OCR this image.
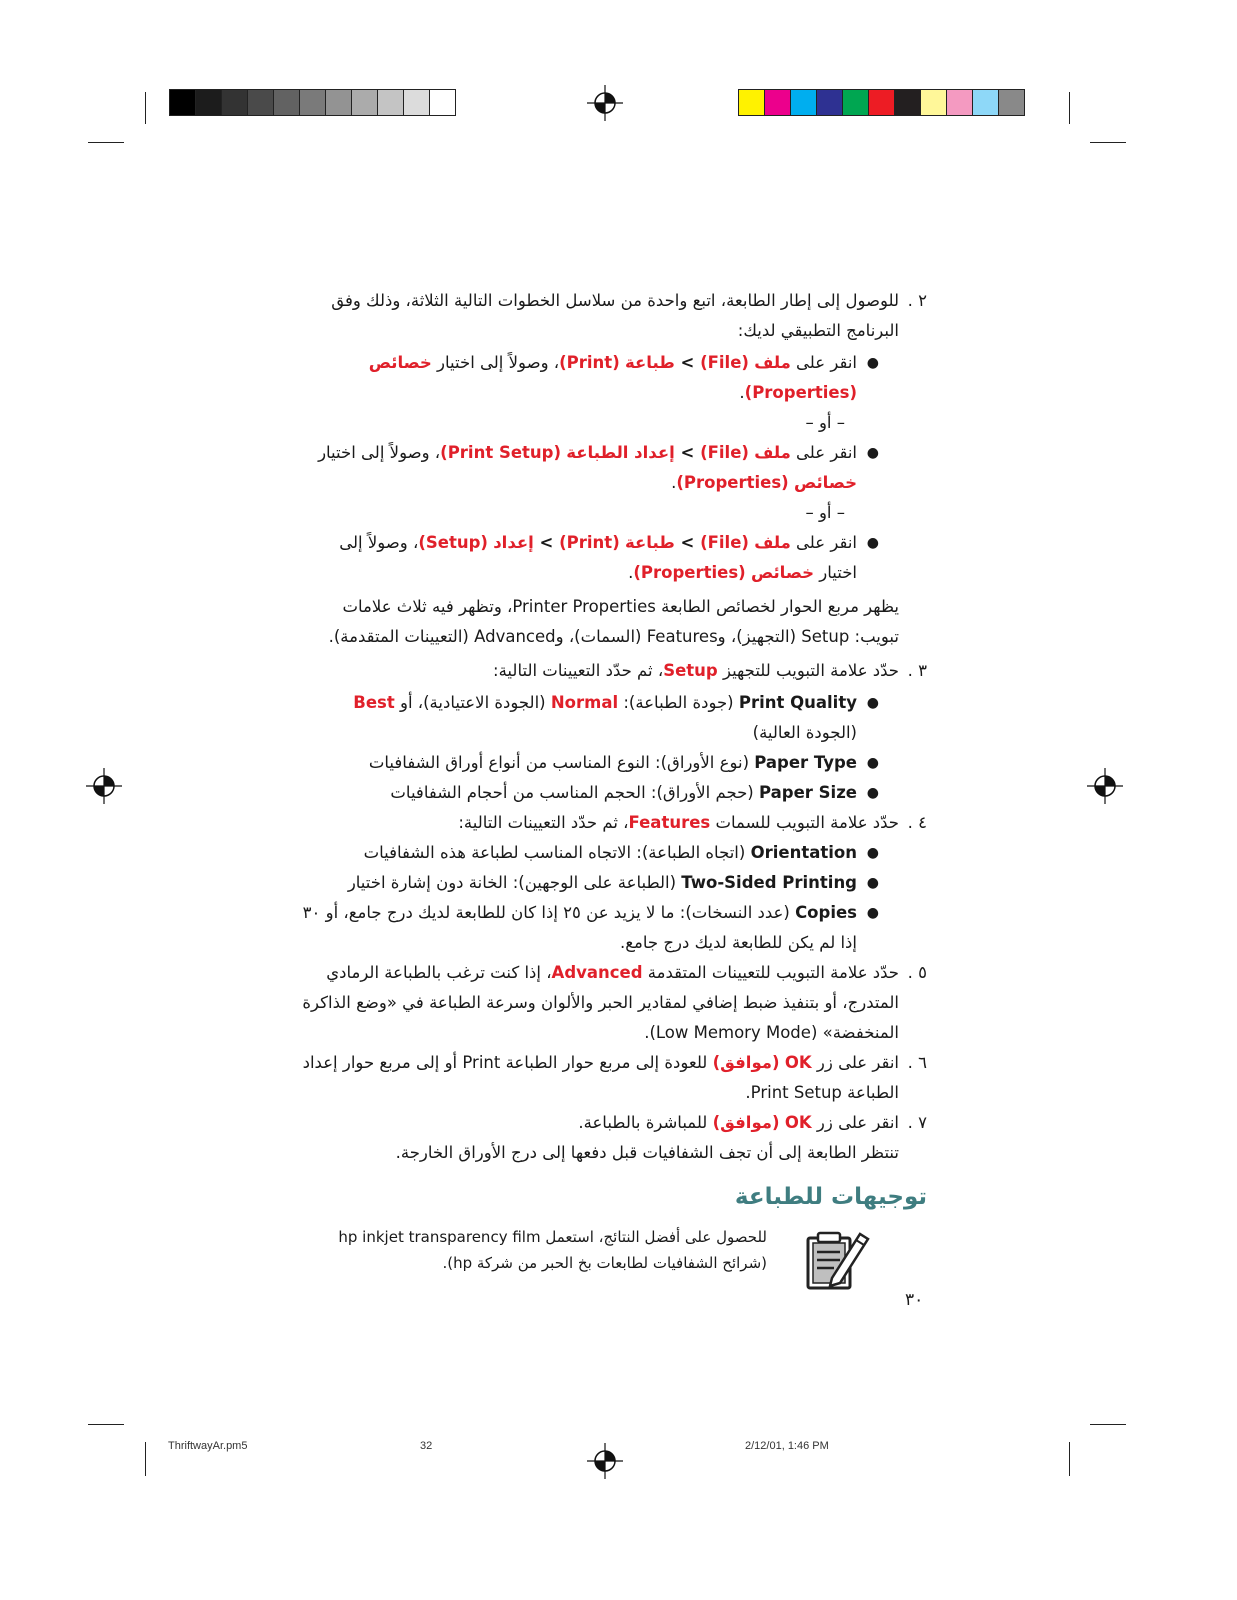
٢ .
للوصول إلى إطار الطابعة، اتبع واحدة من سلاسل الخطوات التالية الثلاثة، وذلك وفق البرنامج التطبيقي لديك:
●
انقر على ملف (File) > طباعة (Print)، وصولاً إلى اختيار خصائص (Properties).
– أو –
●
انقر على ملف (File) > إعداد الطباعة (Print Setup)، وصولاً إلى اختيار خصائص (Properties).
– أو –
●
انقر على ملف (File) > طباعة (Print) > إعداد (Setup)، وصولاً إلى اختيار خصائص (Properties).
يظهر مربع الحوار لخصائص الطابعة Printer Properties، وتظهر فيه ثلاث علامات تبويب: Setup (التجهيز)، وFeatures (السمات)، وAdvanced (التعيينات المتقدمة).
٣ .
حدّد علامة التبويب للتجهيز Setup، ثم حدّد التعيينات التالية:
●
Print Quality (جودة الطباعة): Normal (الجودة الاعتيادية)، أو Best (الجودة العالية)
●
Paper Type (نوع الأوراق): النوع المناسب من أنواع أوراق الشفافيات
●
Paper Size (حجم الأوراق): الحجم المناسب من أحجام الشفافيات
٤ .
حدّد علامة التبويب للسمات Features، ثم حدّد التعيينات التالية:
●
Orientation (اتجاه الطباعة): الاتجاه المناسب لطباعة هذه الشفافيات
●
Two-Sided Printing (الطباعة على الوجهين): الخانة دون إشارة اختيار
●
Copies (عدد النسخات): ما لا يزيد عن ٢٥ إذا كان للطابعة لديك درج جامع، أو ٣٠ إذا لم يكن للطابعة لديك درج جامع.
٥ .
حدّد علامة التبويب للتعيينات المتقدمة Advanced، إذا كنت ترغب بالطباعة الرمادي المتدرج، أو بتنفيذ ضبط إضافي لمقادير الحبر والألوان وسرعة الطباعة في «وضع الذاكرة المنخفضة» (Low Memory Mode).
٦ .
انقر على زر OK (موافق) للعودة إلى مربع حوار الطباعة Print أو إلى مربع حوار إعداد الطباعة Print Setup.
٧ .
انقر على زر OK (موافق) للمباشرة بالطباعة.
تنتظر الطابعة إلى أن تجف الشفافيات قبل دفعها إلى درج الأوراق الخارجة.
توجيهات للطباعة
للحصول على أفضل النتائج، استعمل hp inkjet transparency film (شرائح الشفافيات لطابعات بخ الحبر من شركة hp).
٣٠
ThriftwayAr.pm5	32	2/12/01, 1:46 PM
